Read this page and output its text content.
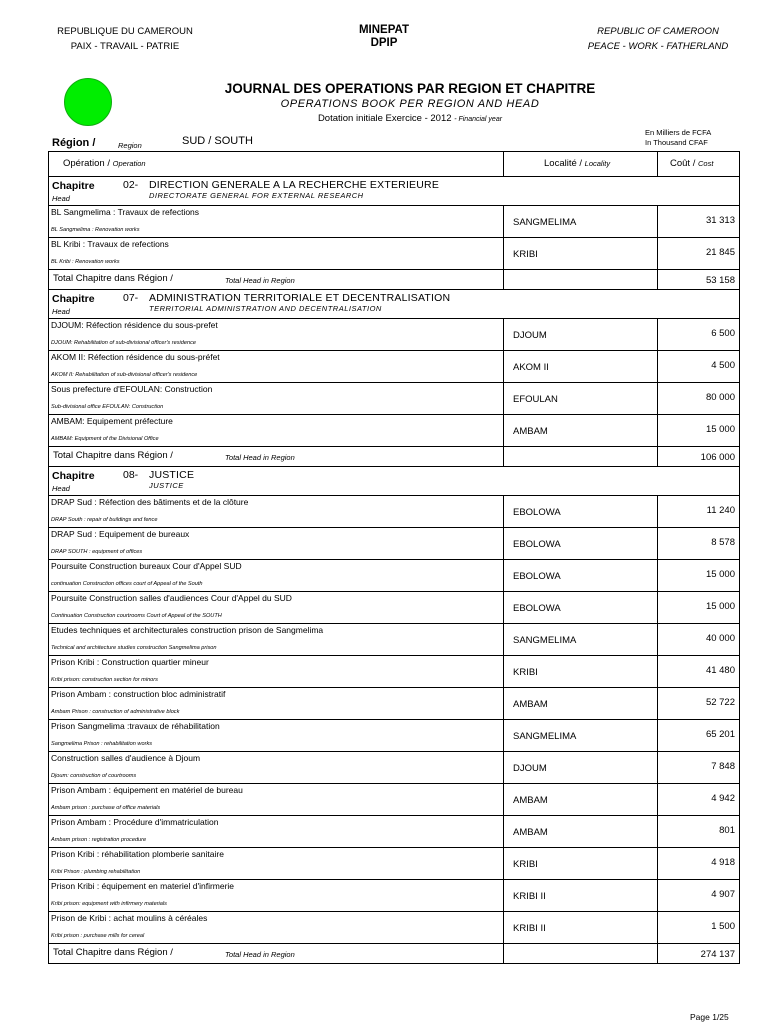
REPUBLIQUE DU CAMEROUN
PAIX - TRAVAIL - PATRIE
MINEPAT
DPIP
REPUBLIC OF CAMEROON
PEACE - WORK - FATHERLAND
JOURNAL DES OPERATIONS PAR REGION ET CHAPITRE
OPERATIONS BOOK PER REGION AND HEAD
Dotation initiale Exercice - 2012 - Financial year
Région /	Region	SUD / SOUTH
En Milliers de FCFA
In Thousand CFAF
Opération / Operation	Localité / Locality	Coût / Cost

Chapitre 02- DIRECTION GENERALE A LA RECHERCHE EXTERIEURE
Head DIRECTORATE GENERAL FOR EXTERNAL RESEARCH		

BL Sangmelima : Travaux de refections
BL Sangmelima : Renovation works	SANGMELIMA	31 313

BL Kribi : Travaux de refections
BL Kribi : Renovation works	KRIBI	21 845

Total Chapitre dans Région / Total Head in Region		53 158

Chapitre 07- ADMINISTRATION TERRITORIALE ET DECENTRALISATION
Head TERRITORIAL ADMINISTRATION AND DECENTRALISATION		

DJOUM: Réfection résidence du sous-prefet
DJOUM: Rehabilitation of sub-divisional officer's residence	DJOUM	6 500

AKOM II: Réfection résidence du sous-préfet
AKOM II: Rehabilitation of sub-divisional officer's residence	AKOM II	4 500

Sous prefecture d'EFOULAN: Construction
Sub-divisional office EFOULAN: Construction	EFOULAN	80 000

AMBAM: Equipement préfecture
AMBAM: Equipment of the Divisional Office	AMBAM	15 000

Total Chapitre dans Région / Total Head in Region		106 000

Chapitre 08- JUSTICE
Head JUSTICE		

DRAP Sud : Réfection des bâtiments et de la clôture
DRAP South : repair of buildings and fence	EBOLOWA	11 240

DRAP Sud : Equipement de bureaux
DRAP SOUTH : equipment of offices	EBOLOWA	8 578

Poursuite Construction bureaux Cour d'Appel SUD
continuation Construction offices court of Appeal of the South	EBOLOWA	15 000

Poursuite Construction salles d'audiences Cour d'Appel du SUD
Continuation Construction courtrooms Court of Appeal of the SOUTH	EBOLOWA	15 000

Etudes techniques et architecturales construction prison de Sangmelima
Technical and architecture studies construction Sangmelima prison	SANGMELIMA	40 000

Prison Kribi : Construction quartier mineur
Kribi prison: construction section for minors	KRIBI	41 480

Prison Ambam : construction bloc administratif
Ambam Prison : construction of administrative block	AMBAM	52 722

Prison Sangmelima :travaux de réhabilitation
Sangmelima Prison : rehabilitation works	SANGMELIMA	65 201

Construction salles d'audience à Djoum
Djoum: construction of courtrooms	DJOUM	7 848

Prison Ambam : équipement en matériel de bureau
Ambam prison : purchase of office materials	AMBAM	4 942

Prison Ambam : Procédure d'immatriculation
Ambam prison : registration procedure	AMBAM	801

Prison Kribi : réhabilitation plomberie sanitaire
Kribi Prison : plumbing rehabilitation	KRIBI	4 918

Prison Kribi : équipement en materiel d'infirmerie
Kribi prison: equipment with infirmery materials	KRIBI II	4 907

Prison de Kribi : achat moulins à céréales
Kribi prison : purchase mills for cereal	KRIBI II	1 500

Total Chapitre dans Région / Total Head in Region		274 137
Page 1/25
